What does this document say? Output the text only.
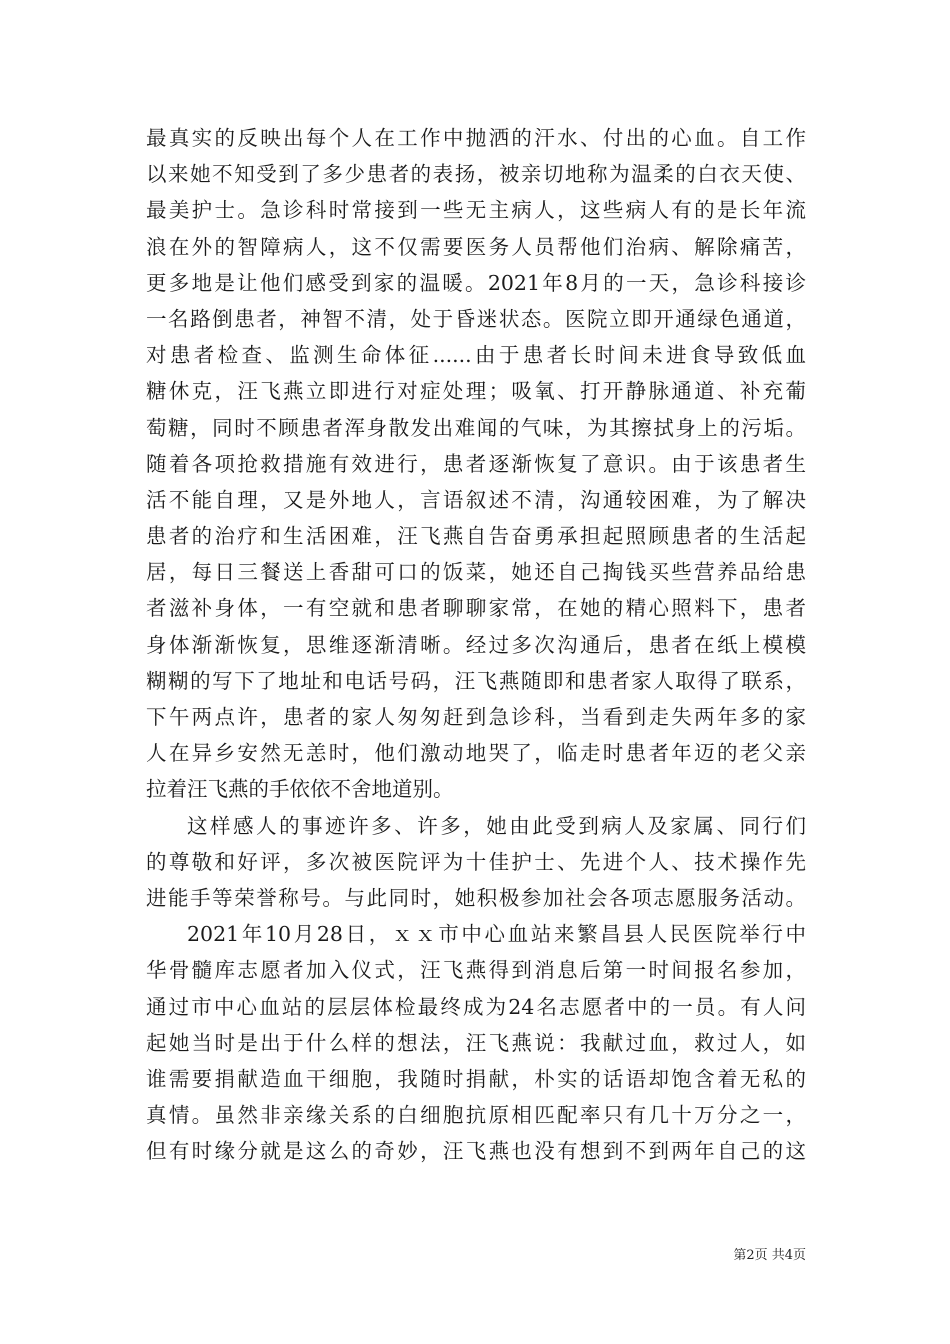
最真实的反映出每个人在工作中抛洒的汗水、付出的心血。自工作
以来她不知受到了多少患者的表扬，被亲切地称为温柔的白衣天使、
最美护士。急诊科时常接到一些无主病人，这些病人有的是长年流
浪在外的智障病人，这不仅需要医务人员帮他们治病、解除痛苦，
更多地是让他们感受到家的温暖。2021年8月的一天，急诊科接诊
一名路倒患者，神智不清，处于昏迷状态。医院立即开通绿色通道，
对患者检查、监测生命体征......由于患者长时间未进食导致低血
糖休克，汪飞燕立即进行对症处理；吸氧、打开静脉通道、补充葡
萄糖，同时不顾患者浑身散发出难闻的气味，为其擦拭身上的污垢。
随着各项抢救措施有效进行，患者逐渐恢复了意识。由于该患者生
活不能自理，又是外地人，言语叙述不清，沟通较困难，为了解决
患者的治疗和生活困难，汪飞燕自告奋勇承担起照顾患者的生活起
居，每日三餐送上香甜可口的饭菜，她还自己掏钱买些营养品给患
者滋补身体，一有空就和患者聊聊家常，在她的精心照料下，患者
身体渐渐恢复，思维逐渐清晰。经过多次沟通后，患者在纸上模模
糊糊的写下了地址和电话号码，汪飞燕随即和患者家人取得了联系，
下午两点许，患者的家人匆匆赶到急诊科，当看到走失两年多的家
人在异乡安然无恙时，他们激动地哭了，临走时患者年迈的老父亲
拉着汪飞燕的手依依不舍地道别。
这样感人的事迹许多、许多，她由此受到病人及家属、同行们
的尊敬和好评，多次被医院评为十佳护士、先进个人、技术操作先
进能手等荣誉称号。与此同时，她积极参加社会各项志愿服务活动。
2021年10月28日，ｘｘ市中心血站来繁昌县人民医院举行中
华骨髓库志愿者加入仪式，汪飞燕得到消息后第一时间报名参加，
通过市中心血站的层层体检最终成为24名志愿者中的一员。有人问
起她当时是出于什么样的想法，汪飞燕说：我献过血，救过人，如
谁需要捐献造血干细胞，我随时捐献，朴实的话语却饱含着无私的
真情。虽然非亲缘关系的白细胞抗原相匹配率只有几十万分之一，
但有时缘分就是这么的奇妙，汪飞燕也没有想到不到两年自己的这
第2页 共4页
